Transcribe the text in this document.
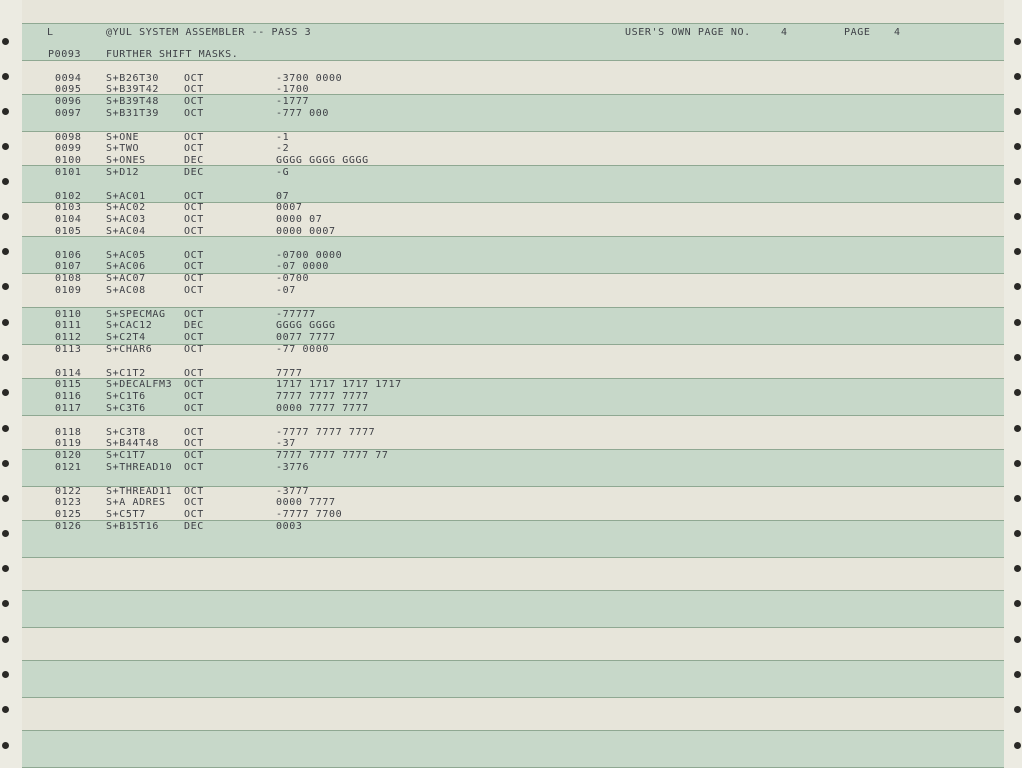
L	@YUL SYSTEM ASSEMBLER -- PASS 3	USER'S OWN PAGE NO.	4	PAGE 4
P0093 FURTHER SHIFT MASKS.
0094 S+B26T30	OCT	-3700 0000
0095 S+B39T42	OCT	-1700
0096 S+B39T48	OCT	-1777
0097 S+B31T39	OCT	-777 000
0098 S+ONE	OCT	-1
0099 S+TWO	OCT	-2
0100 S+ONES	DEC	GGGG GGGG GGGG
0101 S+D12	DEC	-G
0102 S+AC01	OCT	07
0103 S+AC02	OCT	0007
0104 S+AC03	OCT	0000 07
0105 S+AC04	OCT	0000 0007
0106 S+AC05	OCT	-0700 0000
0107 S+AC06	OCT	-07 0000
0108 S+AC07	OCT	-0700
0109 S+AC08	OCT	-07
0110 S+SPECMAG OCT	-77777
0111 S+CAC12	DEC	GGGG GGGG
0112 S+C2T4	OCT	0077 7777
0113 S+CHAR6	OCT	-77 0000
0114 S+C1T2	OCT	7777
0115 S+DECALFM3 OCT	1717 1717 1717 1717
0116 S+C1T6	OCT	7777 7777 7777
0117 S+C3T6	OCT	0000 7777 7777
0118 S+C3T8	OCT	-7777 7777 7777
0119 S+B44T48	OCT	-37
0120 S+C1T7	OCT	7777 7777 7777 77
0121 S+THREAD10 OCT	-3776
0122 S+THREAD11 OCT	-3777
0123 S+A ADRES OCT	0000 7777
0125 S+C5T7	OCT	-7777 7700
0126 S+B15T16	DEC	0003
